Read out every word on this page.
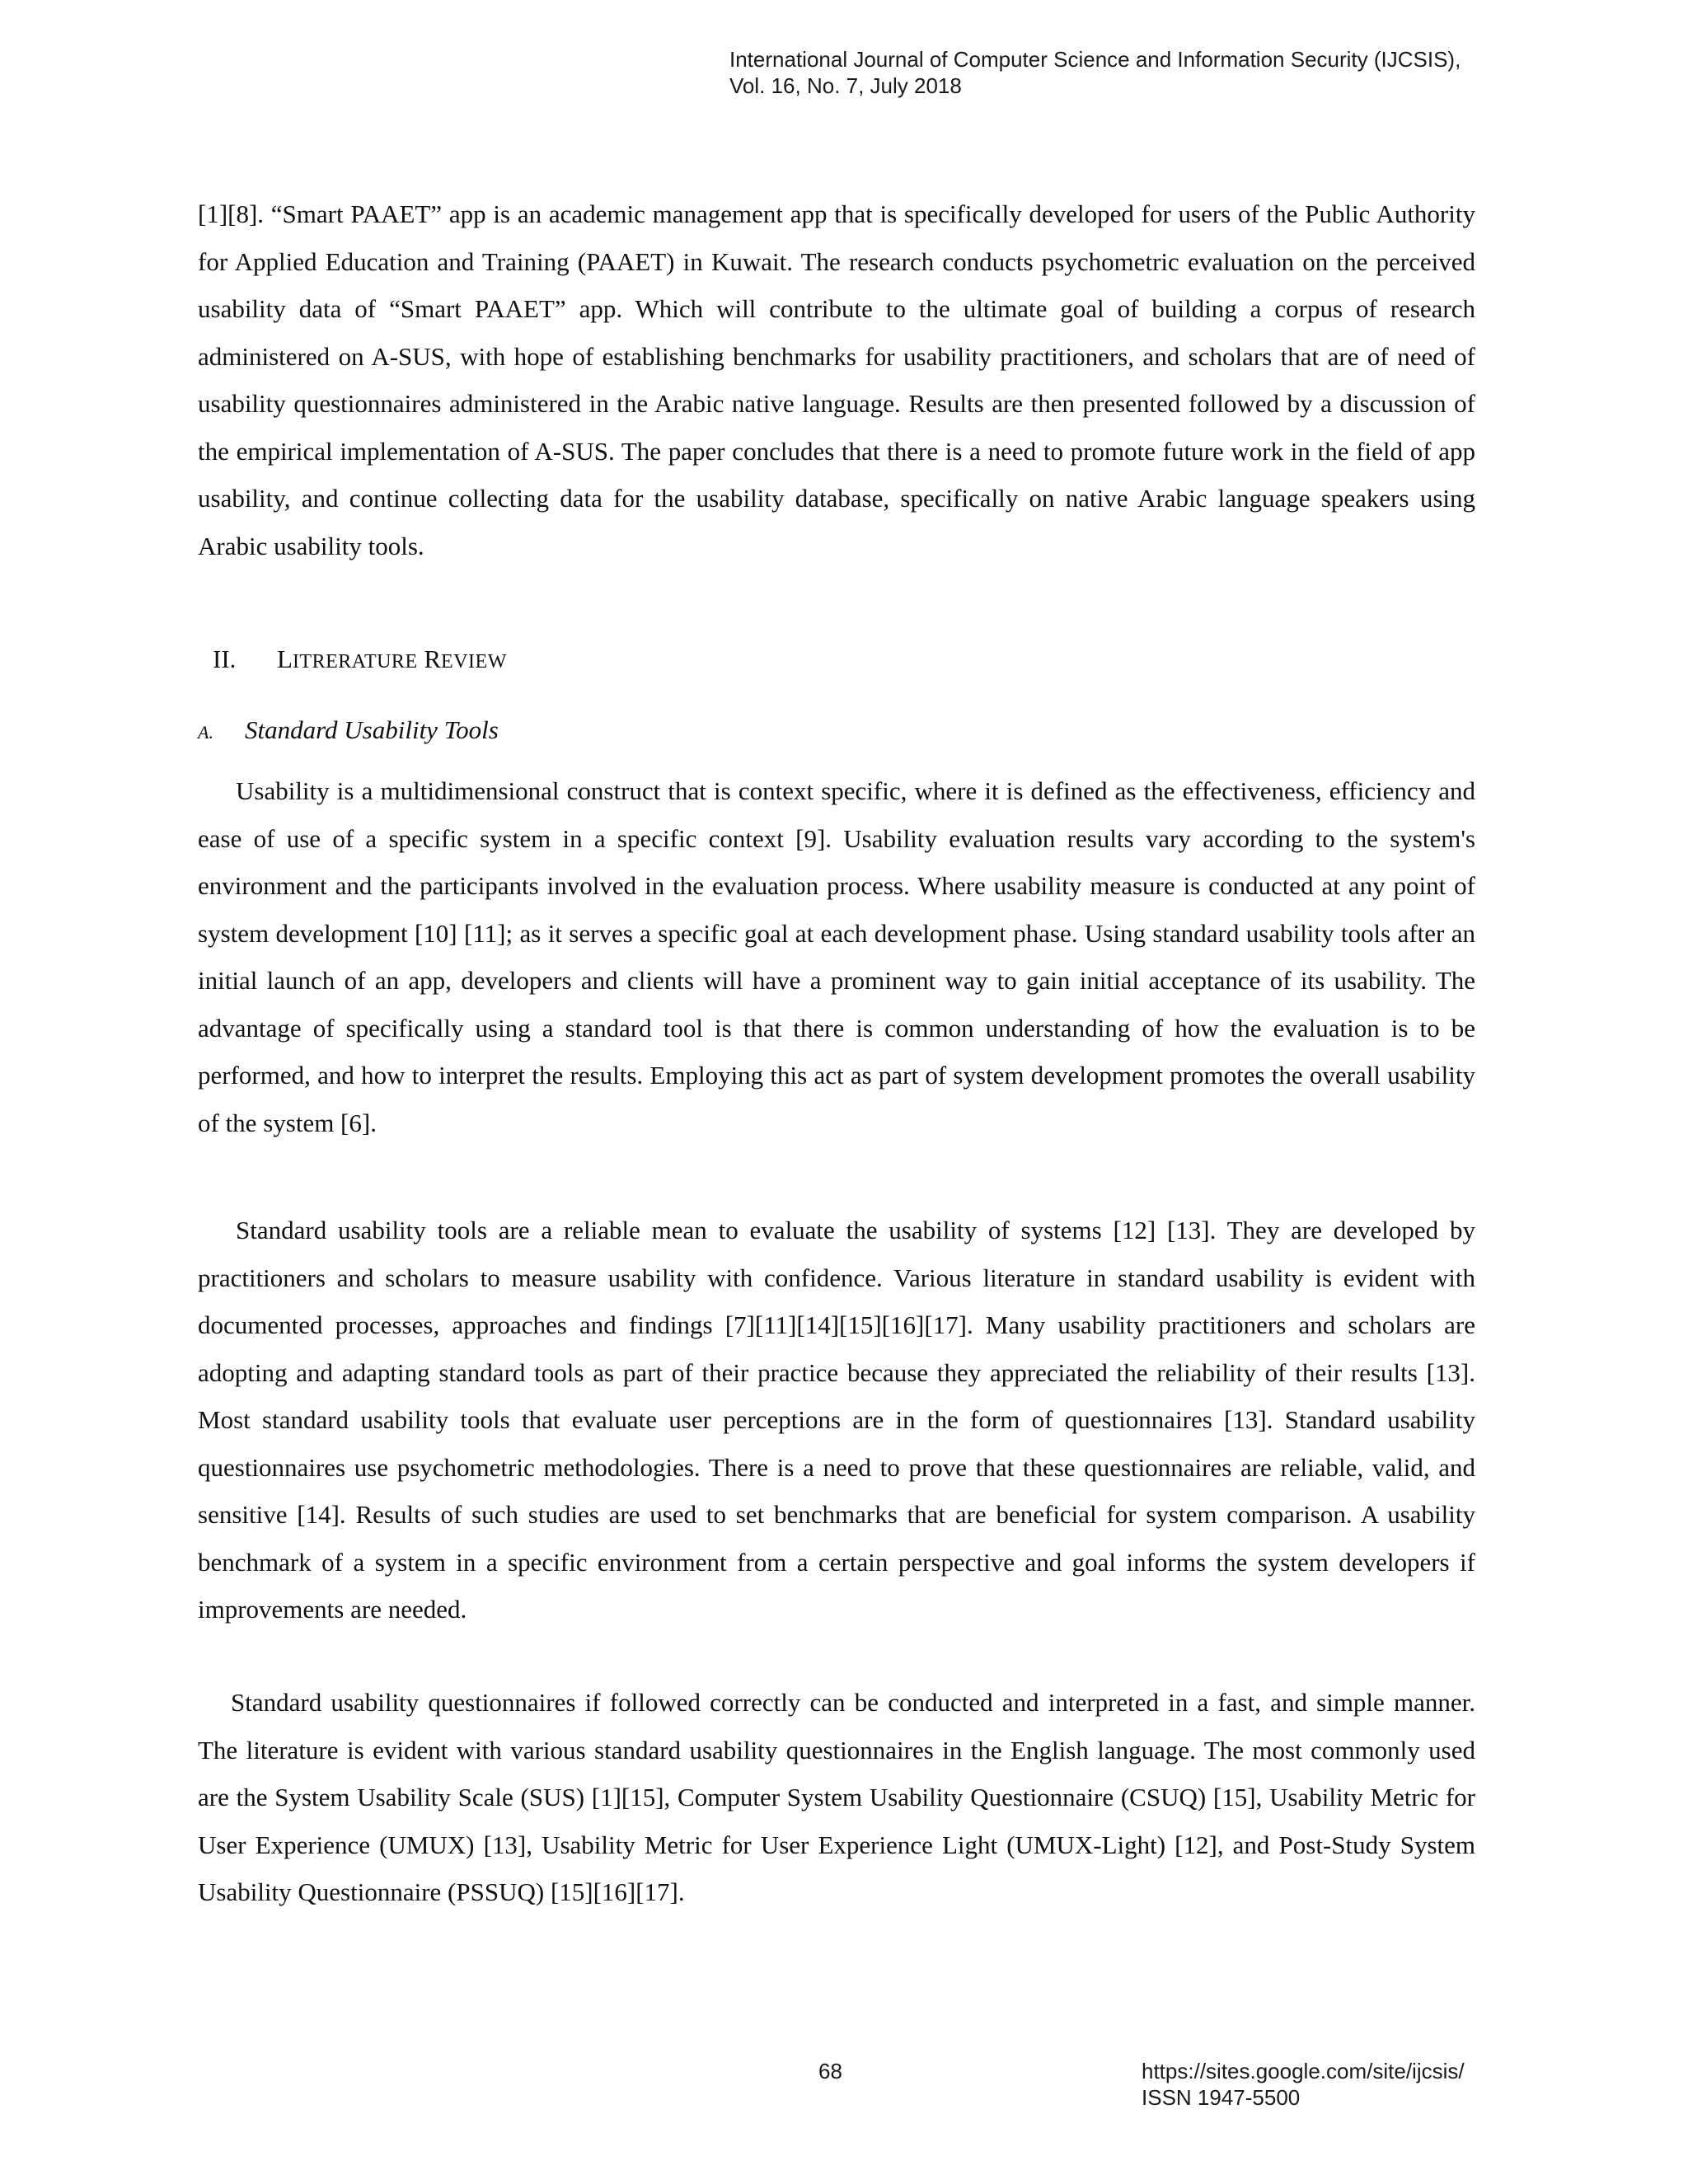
International Journal of Computer Science and Information Security (IJCSIS),
Vol. 16, No. 7, July 2018

[1][8]. “Smart PAAET” app is an academic management app that is specifically developed for users of the Public Authority for Applied Education and Training (PAAET) in Kuwait. The research conducts psychometric evaluation on the perceived usability data of “Smart PAAET” app. Which will contribute to the ultimate goal of building a corpus of research administered on A-SUS, with hope of establishing benchmarks for usability practitioners, and scholars that are of need of usability questionnaires administered in the Arabic native language. Results are then presented followed by a discussion of the empirical implementation of A-SUS. The paper concludes that there is a need to promote future work in the field of app usability, and continue collecting data for the usability database, specifically on native Arabic language speakers using Arabic usability tools.

II. LITRERATURE REVIEW
A. Standard Usability Tools

Usability is a multidimensional construct that is context specific, where it is defined as the effectiveness, efficiency and ease of use of a specific system in a specific context [9]. Usability evaluation results vary according to the system's environment and the participants involved in the evaluation process. Where usability measure is conducted at any point of system development [10] [11]; as it serves a specific goal at each development phase. Using standard usability tools after an initial launch of an app, developers and clients will have a prominent way to gain initial acceptance of its usability. The advantage of specifically using a standard tool is that there is common understanding of how the evaluation is to be performed, and how to interpret the results. Employing this act as part of system development promotes the overall usability of the system [6].

Standard usability tools are a reliable mean to evaluate the usability of systems [12] [13]. They are developed by practitioners and scholars to measure usability with confidence. Various literature in standard usability is evident with documented processes, approaches and findings [7][11][14][15][16][17]. Many usability practitioners and scholars are adopting and adapting standard tools as part of their practice because they appreciated the reliability of their results [13]. Most standard usability tools that evaluate user perceptions are in the form of questionnaires [13]. Standard usability questionnaires use psychometric methodologies. There is a need to prove that these questionnaires are reliable, valid, and sensitive [14]. Results of such studies are used to set benchmarks that are beneficial for system comparison. A usability benchmark of a system in a specific environment from a certain perspective and goal informs the system developers if improvements are needed.

Standard usability questionnaires if followed correctly can be conducted and interpreted in a fast, and simple manner. The literature is evident with various standard usability questionnaires in the English language. The most commonly used are the System Usability Scale (SUS) [1][15], Computer System Usability Questionnaire (CSUQ) [15], Usability Metric for User Experience (UMUX) [13], Usability Metric for User Experience Light (UMUX-Light) [12], and Post-Study System Usability Questionnaire (PSSUQ) [15][16][17].

68	https://sites.google.com/site/ijcsis/
ISSN 1947-5500
